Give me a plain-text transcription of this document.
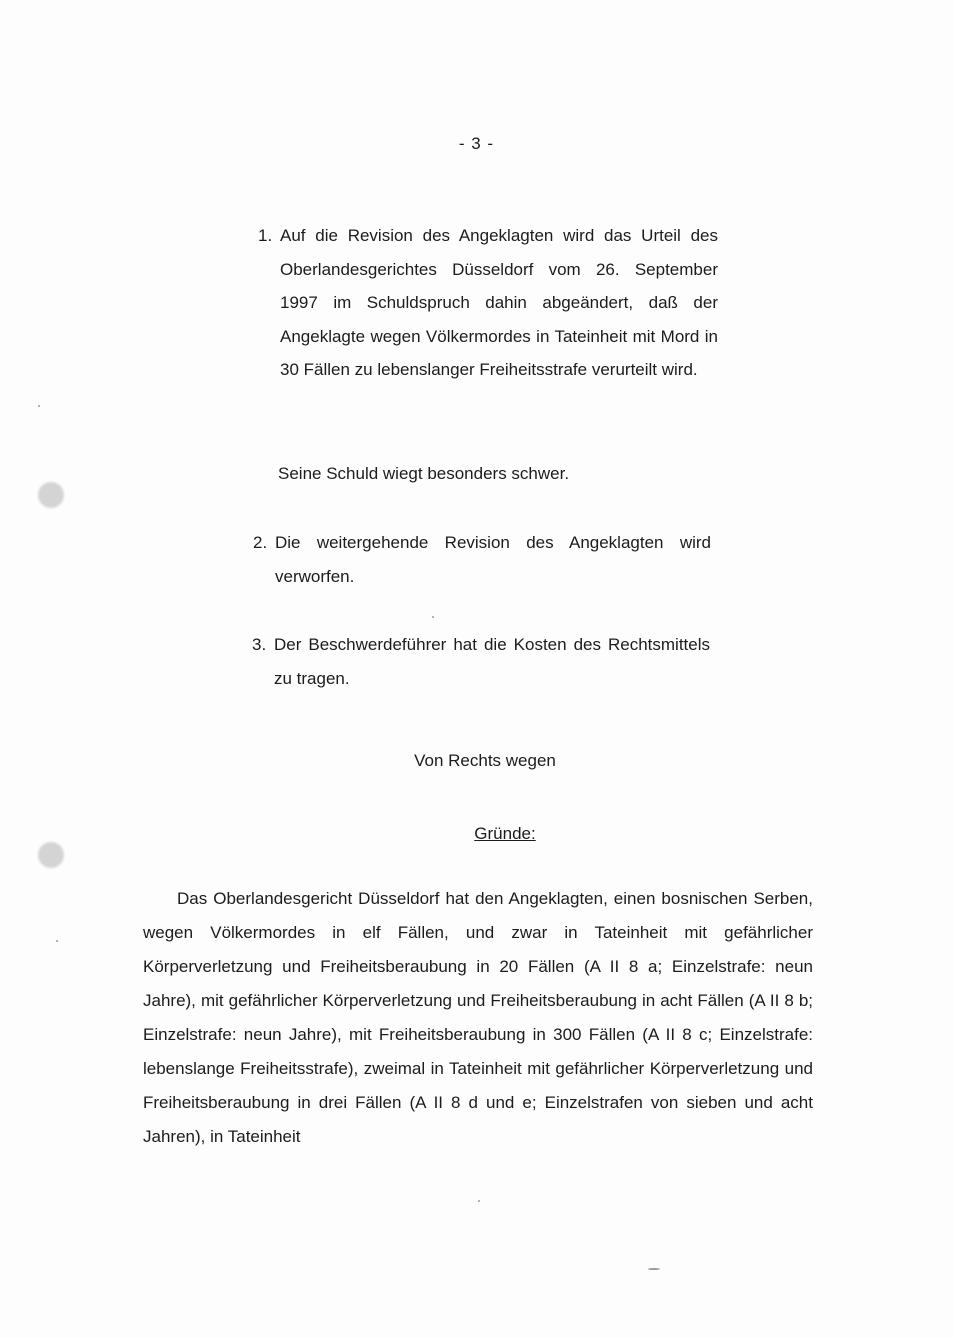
- 3 -
1. Auf die Revision des Angeklagten wird das Urteil des Oberlandesgerichtes Düsseldorf vom 26. September 1997 im Schuldspruch dahin abgeändert, daß der Angeklagte wegen Völkermordes in Tateinheit mit Mord in 30 Fällen zu lebenslanger Freiheitsstrafe verurteilt wird.
Seine Schuld wiegt besonders schwer.
2. Die weitergehende Revision des Angeklagten wird verworfen.
3. Der Beschwerdeführer hat die Kosten des Rechtsmittels zu tragen.
Von Rechts wegen
Gründe:
Das Oberlandesgericht Düsseldorf hat den Angeklagten, einen bosnischen Serben, wegen Völkermordes in elf Fällen, und zwar in Tateinheit mit gefährlicher Körperverletzung und Freiheitsberaubung in 20 Fällen (A II 8 a; Einzelstrafe: neun Jahre), mit gefährlicher Körperverletzung und Freiheitsberaubung in acht Fällen (A II 8 b; Einzelstrafe: neun Jahre), mit Freiheitsberaubung in 300 Fällen (A II 8 c; Einzelstrafe: lebenslange Freiheitsstrafe), zweimal in Tateinheit mit gefährlicher Körperverletzung und Freiheitsberaubung in drei Fällen (A II 8 d und e; Einzelstrafen von sieben und acht Jahren), in Tateinheit
